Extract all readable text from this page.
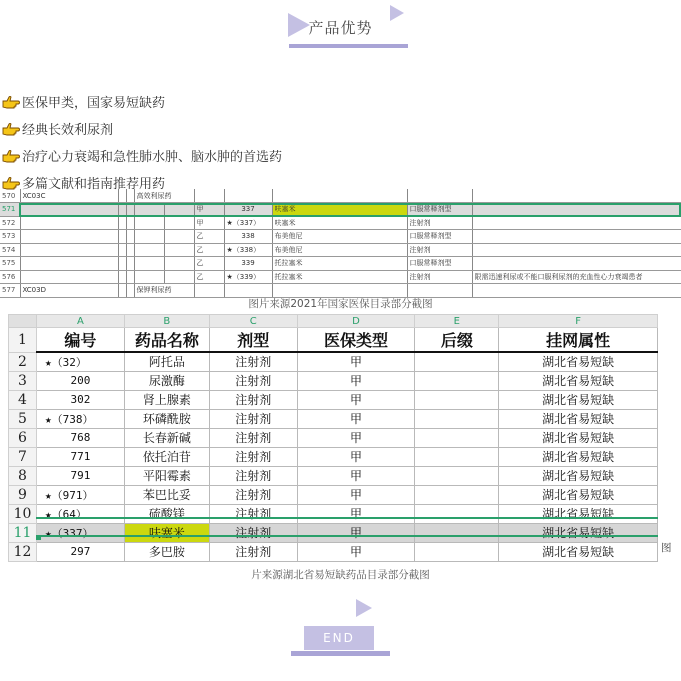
产品优势
医保甲类，国家易短缺药
经典长效利尿剂
治疗心力衰竭和急性肺水肿、脑水肿的首选药
多篇文献和指南推荐用药
570	XC03C			高效利尿药						
571						甲	337	呋塞米	口服常释剂型	
572						甲	★（337）	呋塞米	注射剂	
573						乙	338	布美他尼	口服常释剂型	
574						乙	★（338）	布美他尼	注射剂	
575						乙	339	托拉塞米	口服常释剂型	
576						乙	★（339）	托拉塞米	注射剂	限需迅速利尿或不能口服利尿剂的充血性心力衰竭患者
577	XC03D			保钾利尿药						
图片来源2021年国家医保目录部分截图
	A	B	C	D	E	F
1	编号	药品名称	剂型	医保类型	后缀	挂网属性
2	★（32）	阿托品	注射剂	甲		湖北省易短缺
3	200	尿激酶	注射剂	甲		湖北省易短缺
4	302	肾上腺素	注射剂	甲		湖北省易短缺
5	★（738）	环磷酰胺	注射剂	甲		湖北省易短缺
6	768	长春新碱	注射剂	甲		湖北省易短缺
7	771	依托泊苷	注射剂	甲		湖北省易短缺
8	791	平阳霉素	注射剂	甲		湖北省易短缺
9	★（971）	苯巴比妥	注射剂	甲		湖北省易短缺
10	★（64）	硫酸镁	注射剂	甲		湖北省易短缺
11	★（337）	呋塞米	注射剂	甲		湖北省易短缺
12	297	多巴胺	注射剂	甲		湖北省易短缺	图
片来源湖北省易短缺药品目录部分截图
END
